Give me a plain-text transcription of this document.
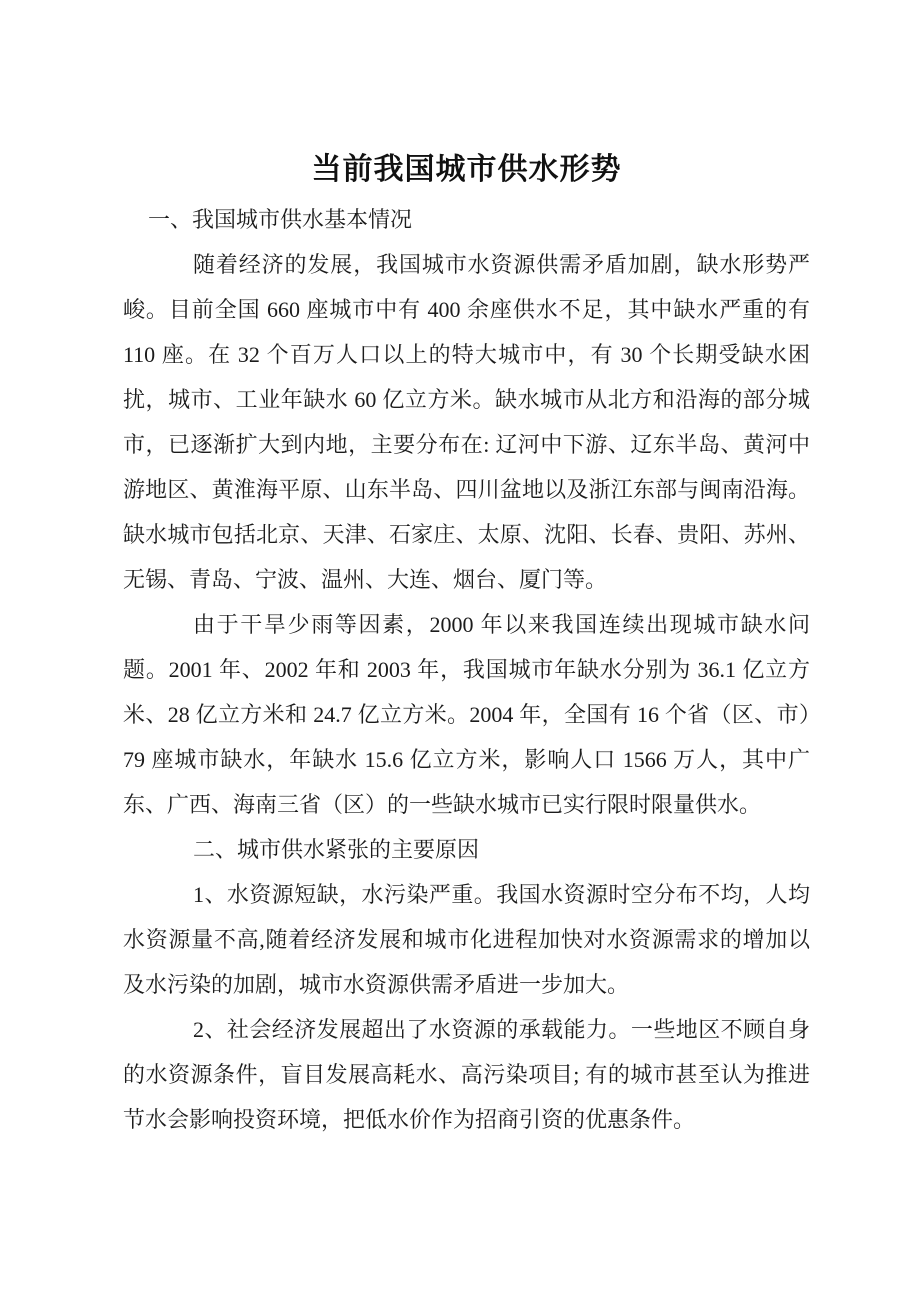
当前我国城市供水形势

一、我国城市供水基本情况

随着经济的发展，我国城市水资源供需矛盾加剧，缺水形势严峻。目前全国 660 座城市中有 400 余座供水不足，其中缺水严重的有 110 座。在 32 个百万人口以上的特大城市中，有 30 个长期受缺水困扰，城市、工业年缺水 60 亿立方米。缺水城市从北方和沿海的部分城市，已逐渐扩大到内地，主要分布在: 辽河中下游、辽东半岛、黄河中游地区、黄淮海平原、山东半岛、四川盆地以及浙江东部与闽南沿海。缺水城市包括北京、天津、石家庄、太原、沈阳、长春、贵阳、苏州、无锡、青岛、宁波、温州、大连、烟台、厦门等。

由于干旱少雨等因素，2000 年以来我国连续出现城市缺水问题。2001 年、2002 年和 2003 年，我国城市年缺水分别为 36.1 亿立方米、28 亿立方米和 24.7 亿立方米。2004 年，全国有 16 个省（区、市）79 座城市缺水，年缺水 15.6 亿立方米，影响人口 1566 万人，其中广东、广西、海南三省（区）的一些缺水城市已实行限时限量供水。

二、城市供水紧张的主要原因

1、水资源短缺，水污染严重。我国水资源时空分布不均，人均水资源量不高,随着经济发展和城市化进程加快对水资源需求的增加以及水污染的加剧，城市水资源供需矛盾进一步加大。

2、社会经济发展超出了水资源的承载能力。一些地区不顾自身的水资源条件，盲目发展高耗水、高污染项目; 有的城市甚至认为推进节水会影响投资环境，把低水价作为招商引资的优惠条件。
